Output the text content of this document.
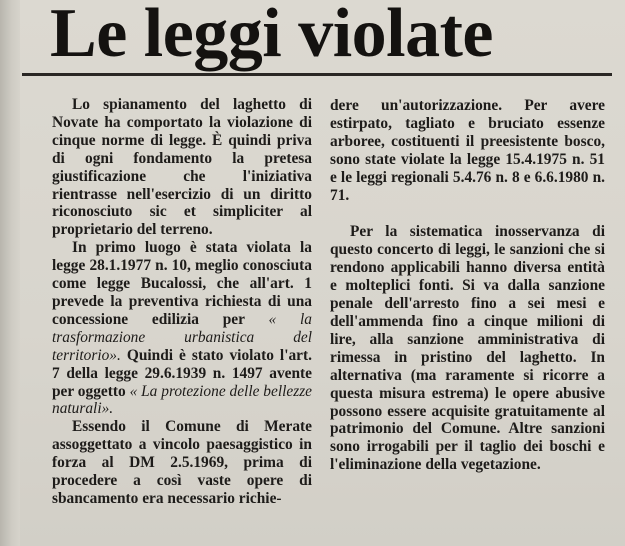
Le leggi violate

Lo spianamento del laghetto di Novate ha comportato la violazione di cinque norme di legge. È quindi priva di ogni fondamento la pretesa giustificazione che l'iniziativa rientrasse nell'esercizio di un diritto riconosciuto sic et simpliciter al proprietario del terreno.

In primo luogo è stata violata la legge 28.1.1977 n. 10, meglio conosciuta come legge Bucalossi, che all'art. 1 prevede la preventiva richiesta di una concessione edilizia per « la trasformazione urbanistica del territorio». Quindi è stato violato l'art. 7 della legge 29.6.1939 n. 1497 avente per oggetto « La protezione delle bellezze naturali».

Essendo il Comune di Merate assoggettato a vincolo paesaggistico in forza al DM 2.5.1969, prima di procedere a così vaste opere di sbancamento era necessario richie-

dere un'autorizzazione. Per avere estirpato, tagliato e bruciato essenze arboree, costituenti il preesistente bosco, sono state violate la legge 15.4.1975 n. 51 e le leggi regionali 5.4.76 n. 8 e 6.6.1980 n. 71.

Per la sistematica inosservanza di questo concerto di leggi, le sanzioni che si rendono applicabili hanno diversa entità e molteplici fonti. Si va dalla sanzione penale dell'arresto fino a sei mesi e dell'ammenda fino a cinque milioni di lire, alla sanzione amministrativa di rimessa in pristino del laghetto. In alternativa (ma raramente si ricorre a questa misura estrema) le opere abusive possono essere acquisite gratuitamente al patrimonio del Comune. Altre sanzioni sono irrogabili per il taglio dei boschi e l'eliminazione della vegetazione.
